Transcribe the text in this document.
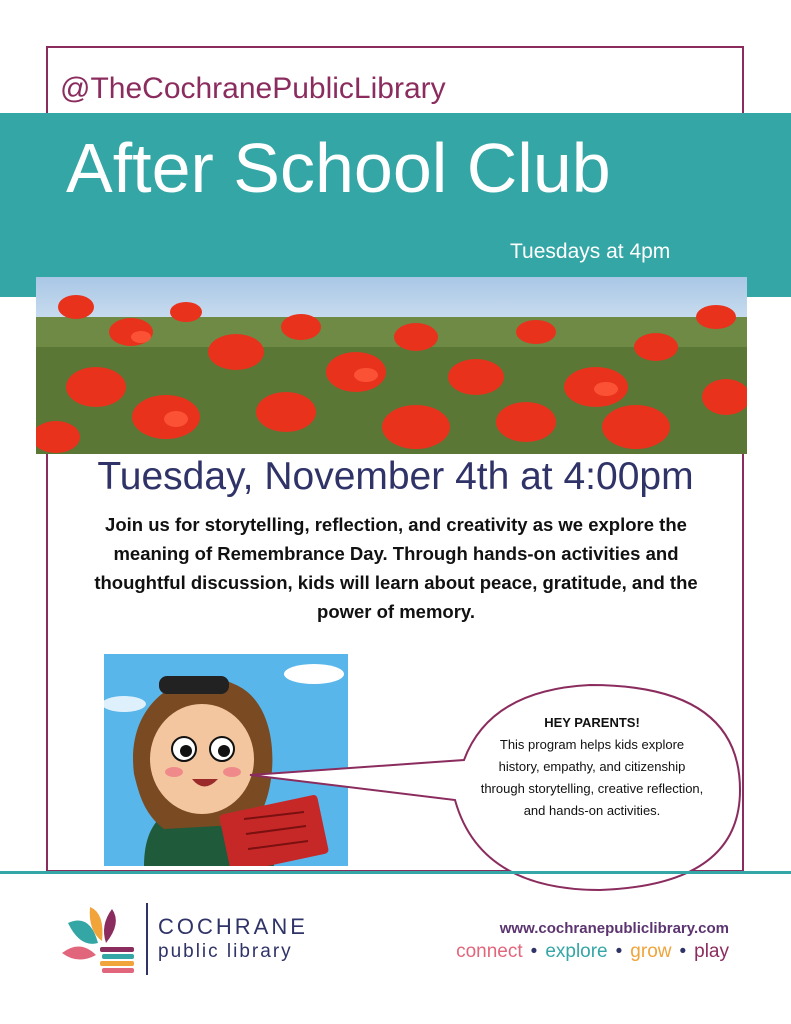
@TheCochranePublicLibrary
After School Club
Tuesdays at 4pm
Tuesday, November 4th at 4:00pm
Join us for storytelling, reflection, and creativity as we explore the meaning of Remembrance Day. Through hands-on activities and thoughtful discussion, kids will learn about peace, gratitude, and the power of memory.
HEY PARENTS!
This program helps kids explore history, empathy, and citizenship through storytelling, creative reflection, and hands-on activities.
COCHRANE
public library
www.cochranepubliclibrary.com
connect • explore • grow • play
